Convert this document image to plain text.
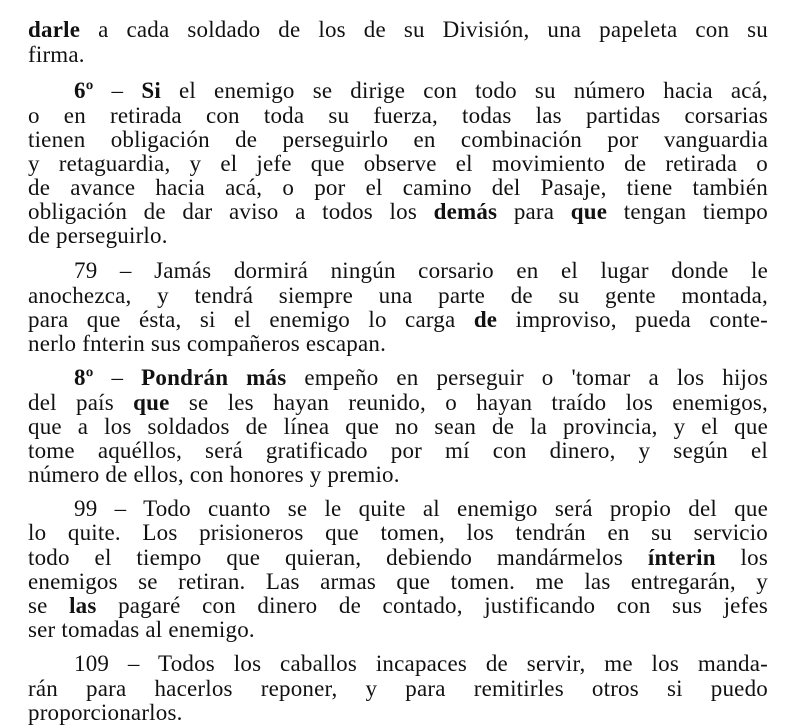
darle a cada soldado de los de su División, una papeleta con su
firma.
6º – Si el enemigo se dirige con todo su número hacia acá,
o en retirada con toda su fuerza, todas las partidas corsarias
tienen obligación de perseguirlo en combinación por vanguardia
y retaguardia, y el jefe que observe el movimiento de retirada o
de avance hacia acá, o por el camino del Pasaje, tiene también
obligación de dar aviso a todos los demás para que tengan tiempo
de perseguirlo.
79 – Jamás dormirá ningún corsario en el lugar donde le
anochezca, y tendrá siempre una parte de su gente montada,
para que ésta, si el enemigo lo carga de improviso, pueda conte-
nerlo fnterin sus compañeros escapan.
8º – Pondrán más empeño en perseguir o 'tomar a los hijos
del país que se les hayan reunido, o hayan traído los enemigos,
que a los soldados de línea que no sean de la provincia, y el que
tome aquéllos, será gratificado por mí con dinero, y según el
número de ellos, con honores y premio.
99 – Todo cuanto se le quite al enemigo será propio del que
lo quite. Los prisioneros que tomen, los tendrán en su servicio
todo el tiempo que quieran, debiendo mandármelos ínterin los
enemigos se retiran. Las armas que tomen. me las entregarán, y
se las pagaré con dinero de contado, justificando con sus jefes
ser tomadas al enemigo.
109 – Todos los caballos incapaces de servir, me los manda-
rán para hacerlos reponer, y para remitirles otros si puedo
proporcionarlos.
